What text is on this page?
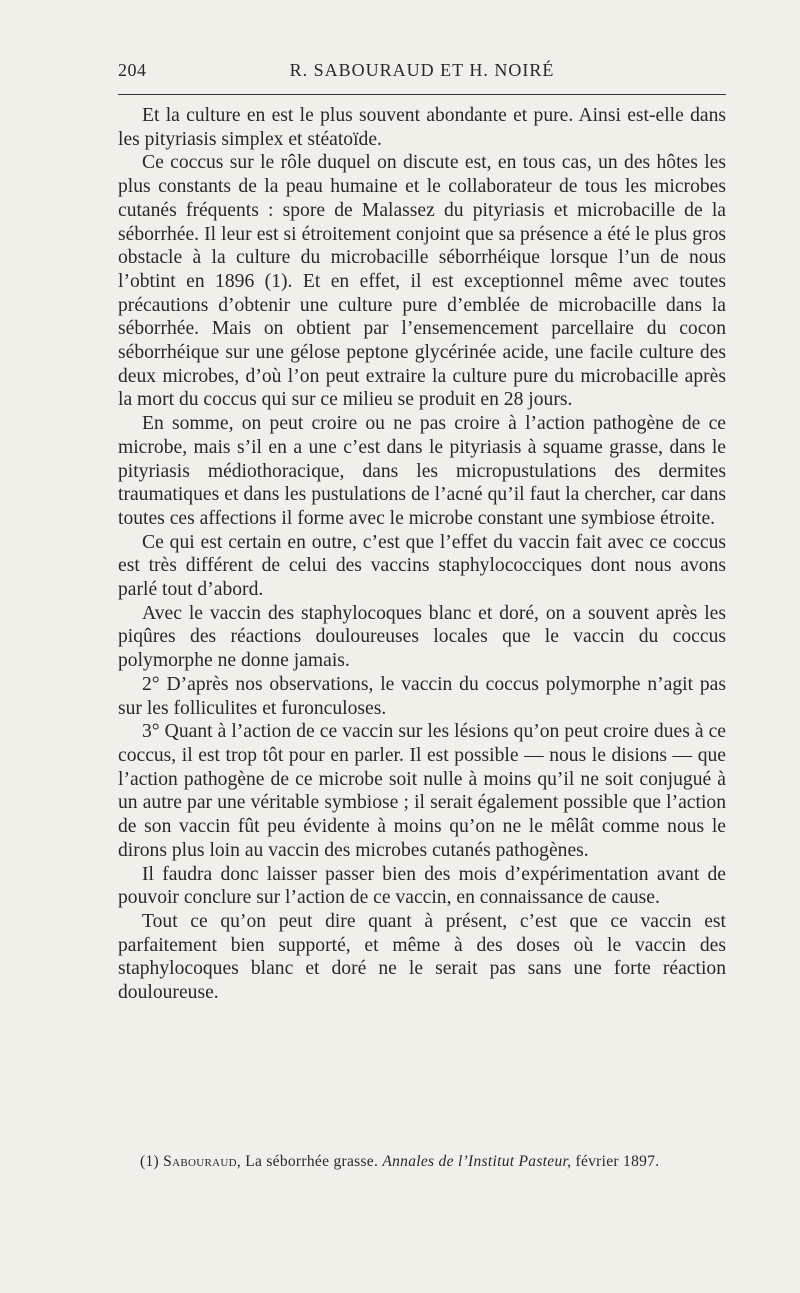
204	R. SABOURAUD ET H. NOIRÉ

Et la culture en est le plus souvent abondante et pure. Ainsi est-elle dans les pityriasis simplex et stéatoïde.

Ce coccus sur le rôle duquel on discute est, en tous cas, un des hôtes les plus constants de la peau humaine et le collaborateur de tous les microbes cutanés fréquents : spore de Malassez du pityriasis et microbacille de la séborrhée. Il leur est si étroitement conjoint que sa présence a été le plus gros obstacle à la culture du microbacille séborrhéique lorsque l’un de nous l’obtint en 1896 (1). Et en effet, il est exceptionnel même avec toutes précautions d’obtenir une culture pure d’emblée de microbacille dans la séborrhée. Mais on obtient par l’ensemencement parcellaire du cocon séborrhéique sur une gélose peptone glycérinée acide, une facile culture des deux microbes, d’où l’on peut extraire la culture pure du microbacille après la mort du coccus qui sur ce milieu se produit en 28 jours.

En somme, on peut croire ou ne pas croire à l’action pathogène de ce microbe, mais s’il en a une c’est dans le pityriasis à squame grasse, dans le pityriasis médiothoracique, dans les micropustulations des dermites traumatiques et dans les pustulations de l’acné qu’il faut la chercher, car dans toutes ces affections il forme avec le microbe constant une symbiose étroite.

Ce qui est certain en outre, c’est que l’effet du vaccin fait avec ce coccus est très différent de celui des vaccins staphylococciques dont nous avons parlé tout d’abord.

Avec le vaccin des staphylocoques blanc et doré, on a souvent après les piqûres des réactions douloureuses locales que le vaccin du coccus polymorphe ne donne jamais.

2° D’après nos observations, le vaccin du coccus polymorphe n’agit pas sur les folliculites et furonculoses.

3° Quant à l’action de ce vaccin sur les lésions qu’on peut croire dues à ce coccus, il est trop tôt pour en parler. Il est possible — nous le disions — que l’action pathogène de ce microbe soit nulle à moins qu’il ne soit conjugué à un autre par une véritable symbiose ; il serait également possible que l’action de son vaccin fût peu évidente à moins qu’on ne le mêlât comme nous le dirons plus loin au vaccin des microbes cutanés pathogènes.

Il faudra donc laisser passer bien des mois d’expérimentation avant de pouvoir conclure sur l’action de ce vaccin, en connaissance de cause.

Tout ce qu’on peut dire quant à présent, c’est que ce vaccin est parfaitement bien supporté, et même à des doses où le vaccin des staphylocoques blanc et doré ne le serait pas sans une forte réaction douloureuse.

(1) Sabouraud, La séborrhée grasse. Annales de l’Institut Pasteur, février 1897.
